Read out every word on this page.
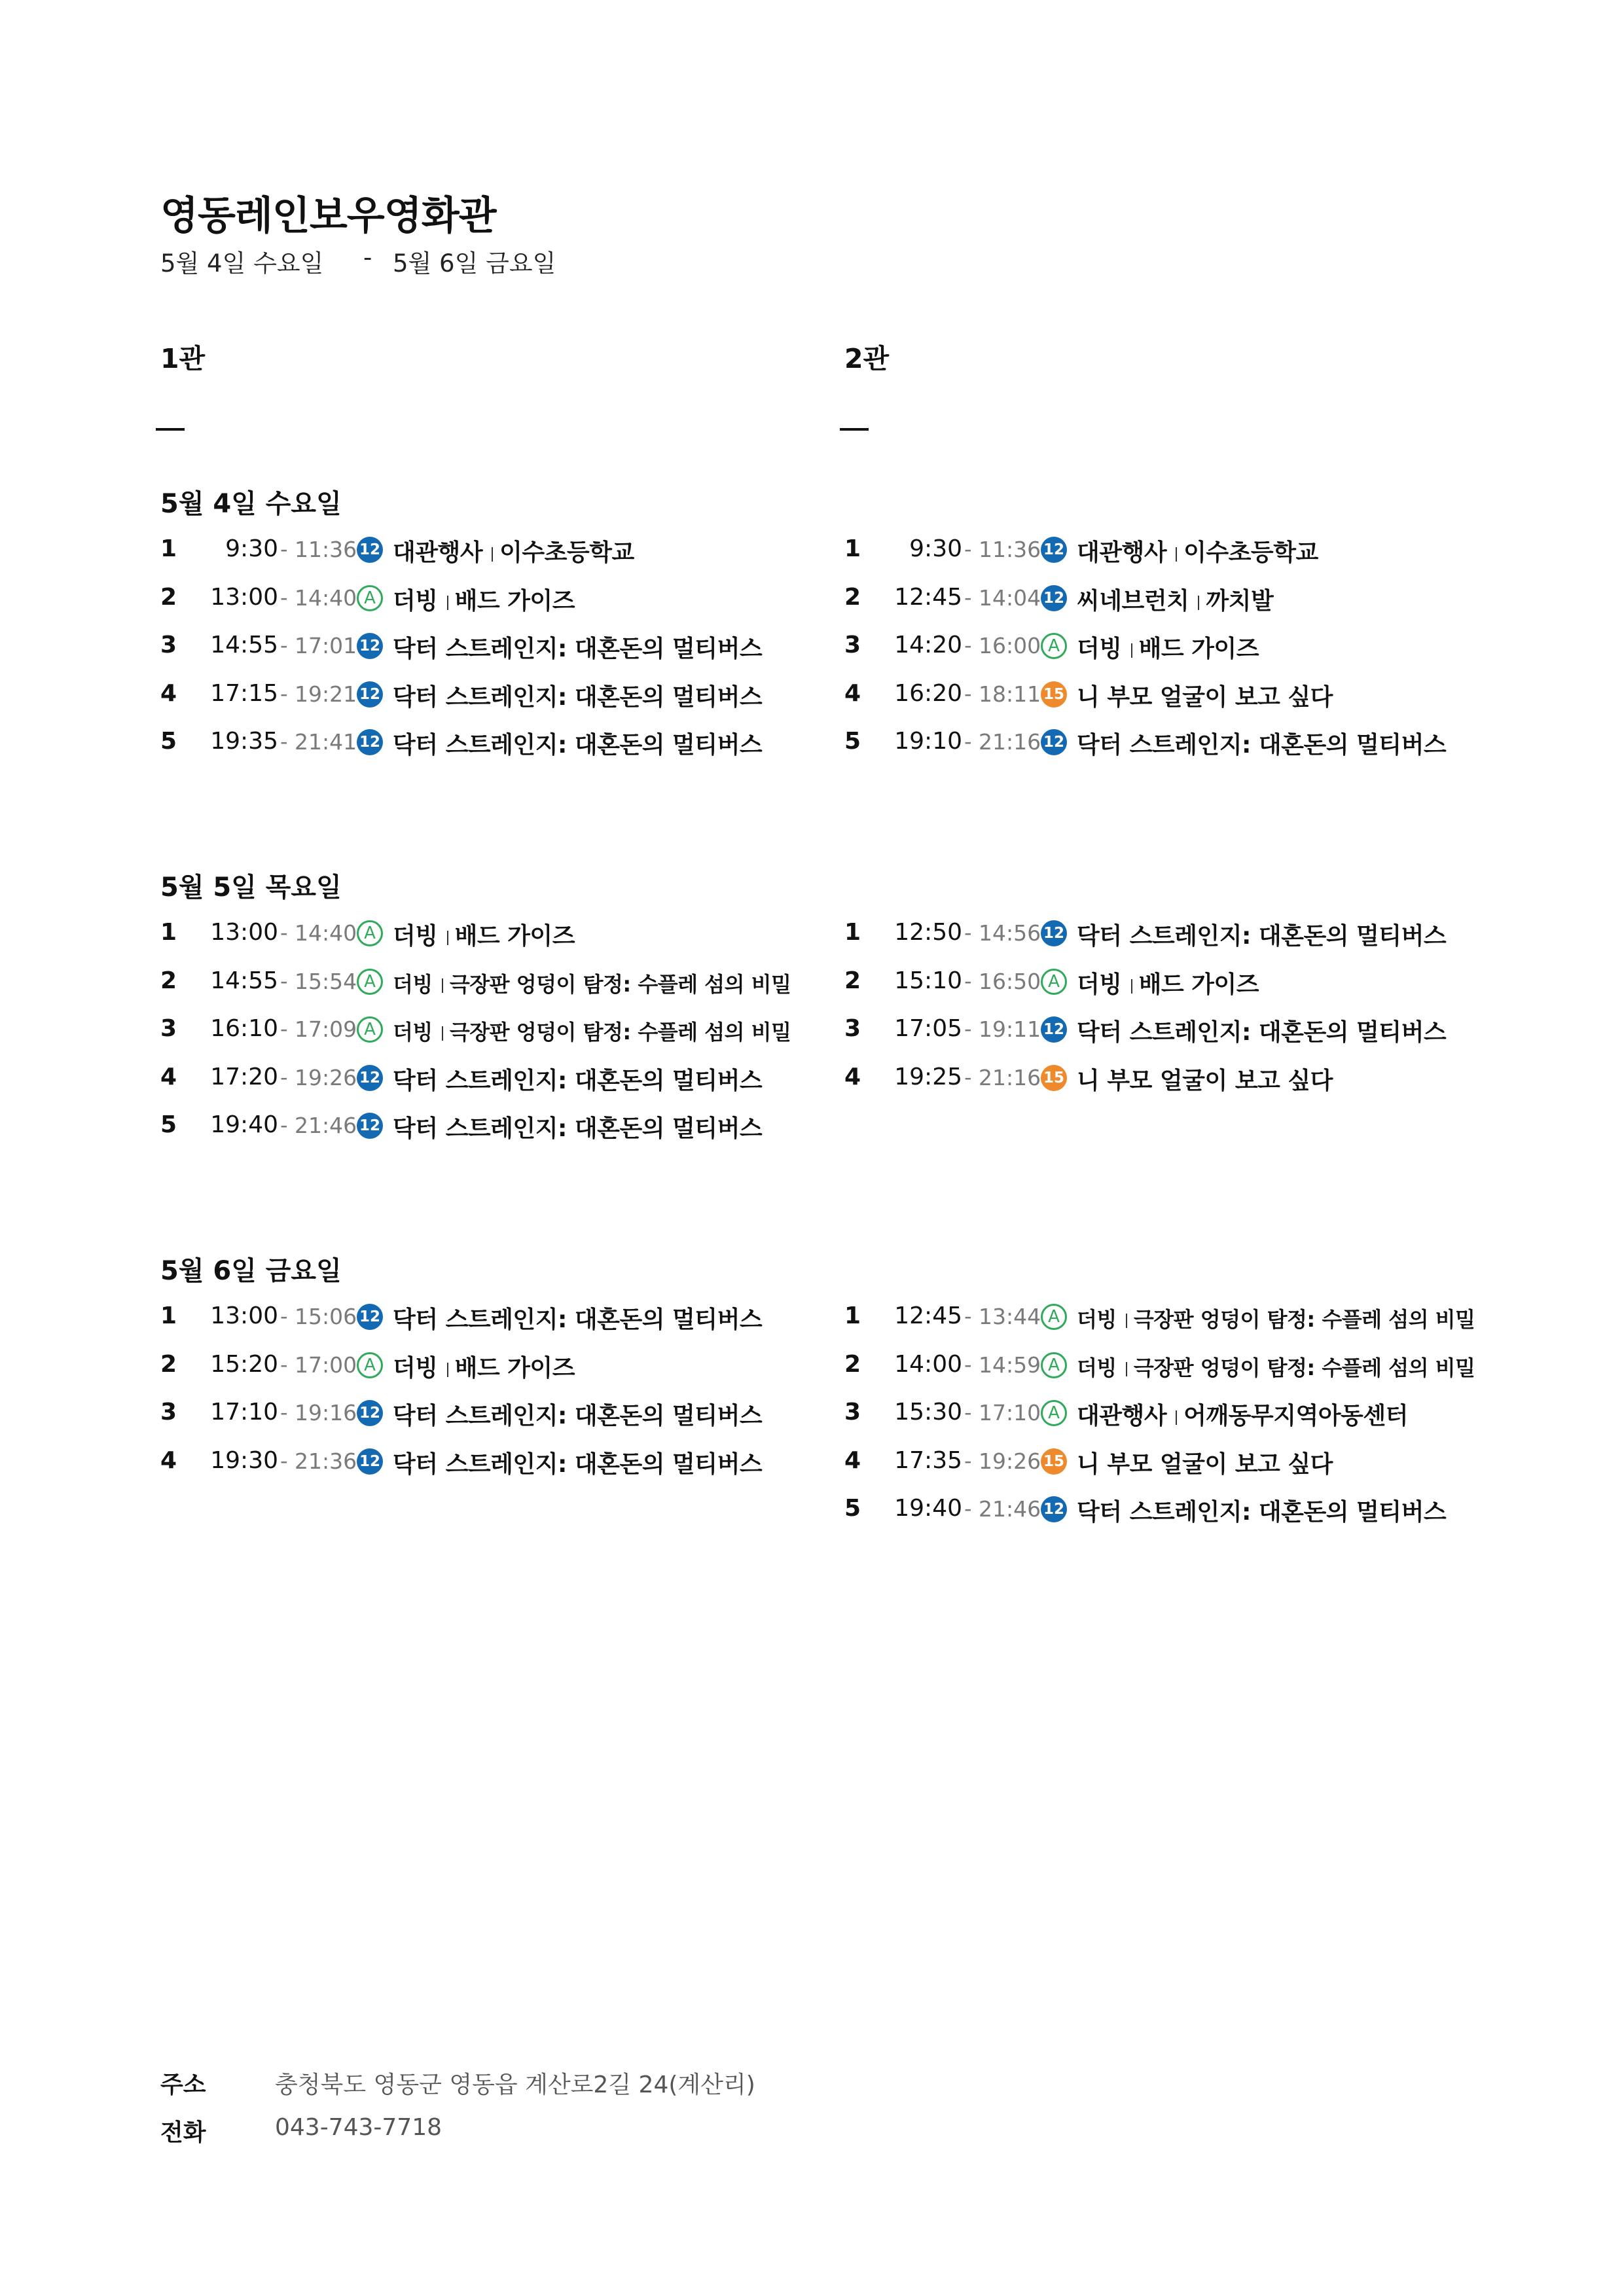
영동레인보우영화관
5월 4일 수요일 - 5월 6일 금요일
1관	2관
5월 4일 수요일
1	9:30 - 11:36 12 대관행사 이수초등학교
2	13:00 - 14:40 A 더빙 배드 가이즈
3	14:55 - 17:01 12 닥터 스트레인지: 대혼돈의 멀티버스
4	17:15 - 19:21 12 닥터 스트레인지: 대혼돈의 멀티버스
5	19:35 - 21:41 12 닥터 스트레인지: 대혼돈의 멀티버스
1	9:30 - 11:36 12 대관행사 이수초등학교
2	12:45 - 14:04 12 씨네브런치 까치발
3	14:20 - 16:00 A 더빙 배드 가이즈
4	16:20 - 18:11 15 니 부모 얼굴이 보고 싶다
5	19:10 - 21:16 12 닥터 스트레인지: 대혼돈의 멀티버스
5월 5일 목요일
1	13:00 - 14:40 A 더빙 배드 가이즈
2	14:55 - 15:54 A 더빙 극장판 엉덩이 탐정: 수플레 섬의 비밀
3	16:10 - 17:09 A 더빙 극장판 엉덩이 탐정: 수플레 섬의 비밀
4	17:20 - 19:26 12 닥터 스트레인지: 대혼돈의 멀티버스
5	19:40 - 21:46 12 닥터 스트레인지: 대혼돈의 멀티버스
1	12:50 - 14:56 12 닥터 스트레인지: 대혼돈의 멀티버스
2	15:10 - 16:50 A 더빙 배드 가이즈
3	17:05 - 19:11 12 닥터 스트레인지: 대혼돈의 멀티버스
4	19:25 - 21:16 15 니 부모 얼굴이 보고 싶다
5월 6일 금요일
1	13:00 - 15:06 12 닥터 스트레인지: 대혼돈의 멀티버스
2	15:20 - 17:00 A 더빙 배드 가이즈
3	17:10 - 19:16 12 닥터 스트레인지: 대혼돈의 멀티버스
4	19:30 - 21:36 12 닥터 스트레인지: 대혼돈의 멀티버스
1	12:45 - 13:44 A 더빙 극장판 엉덩이 탐정: 수플레 섬의 비밀
2	14:00 - 14:59 A 더빙 극장판 엉덩이 탐정: 수플레 섬의 비밀
3	15:30 - 17:10 A 대관행사 어깨동무지역아동센터
4	17:35 - 19:26 15 니 부모 얼굴이 보고 싶다
5	19:40 - 21:46 12 닥터 스트레인지: 대혼돈의 멀티버스
주소	충청북도 영동군 영동읍 계산로2길 24(계산리)
전화	043-743-7718
